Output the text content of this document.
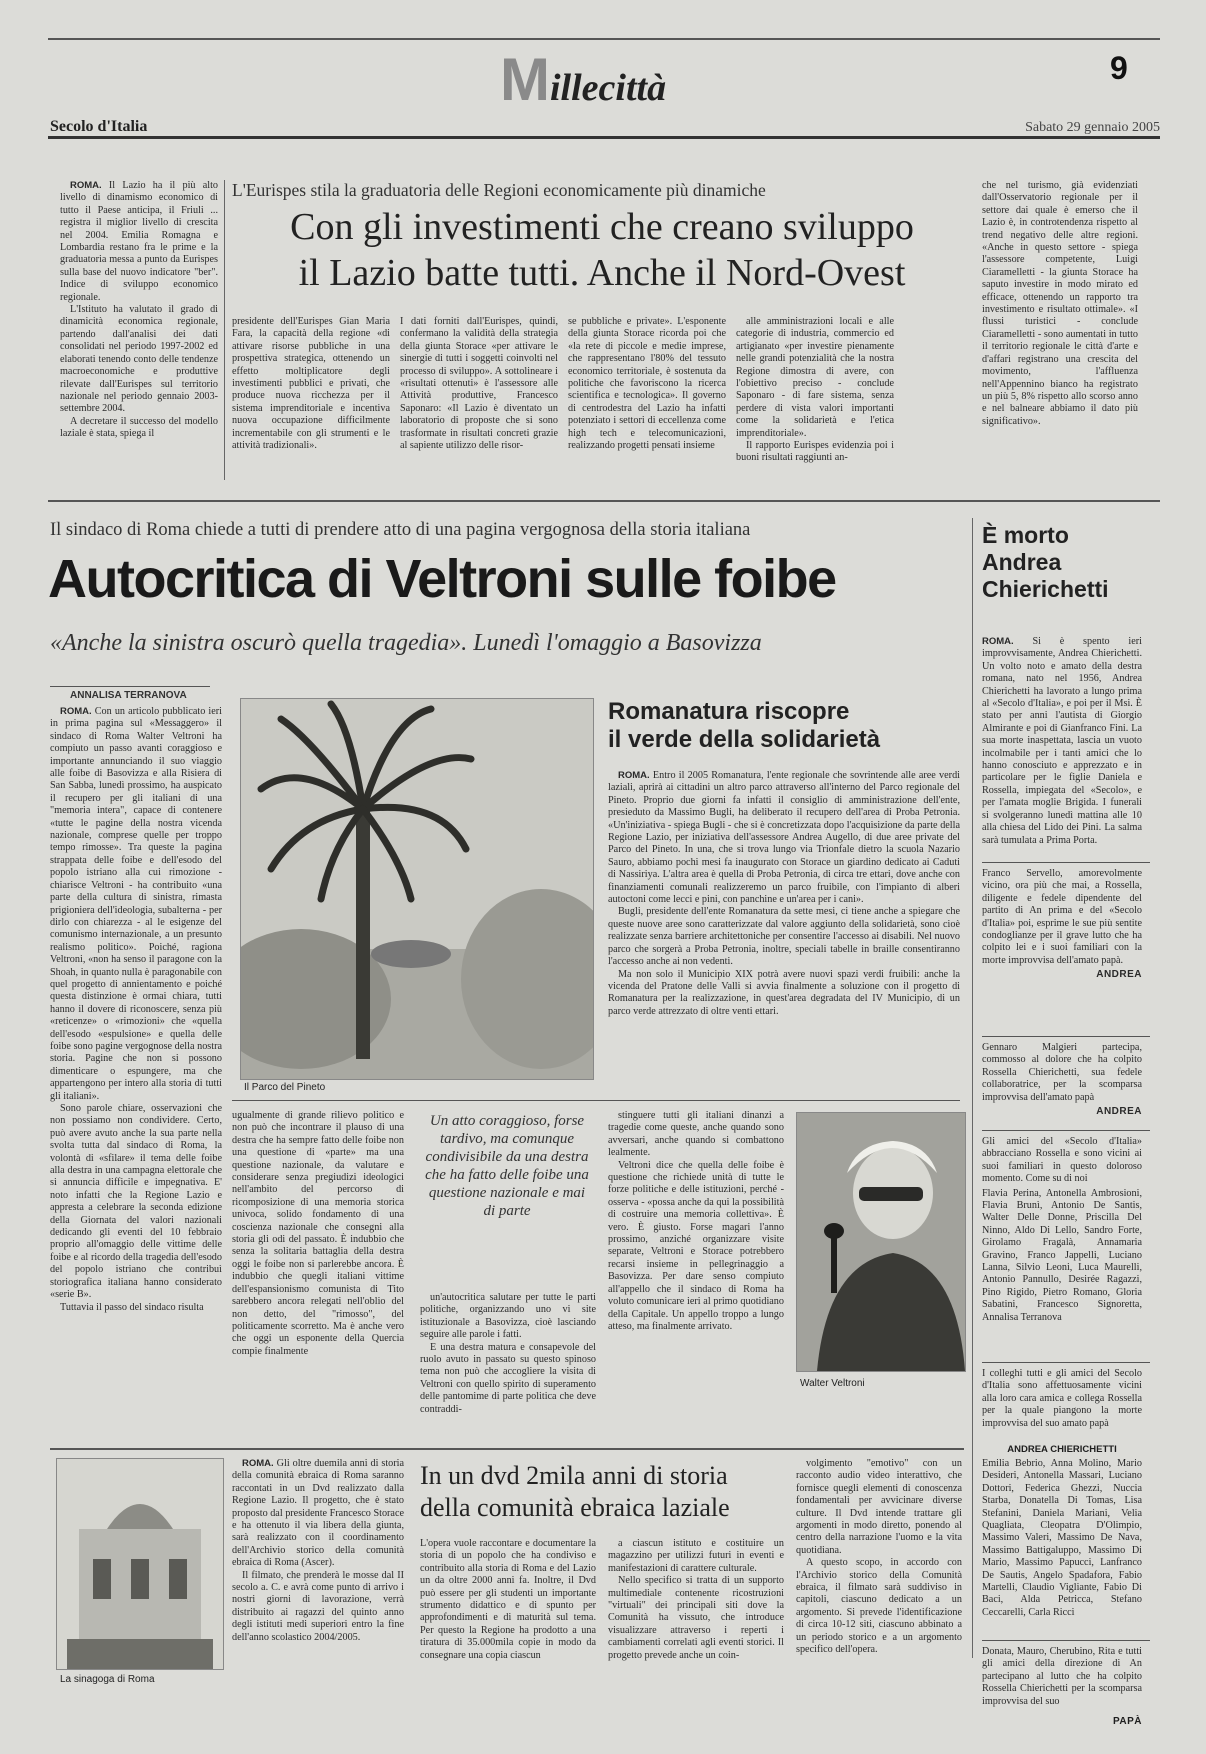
Millecittà	9
Secolo d'Italia	Sabato 29 gennaio 2005

ROMA. Il Lazio ha il più alto livello di dinamismo economico di tutto il Paese anticipa, il Friuli ... registra il miglior livello di crescita nel 2004. Emilia Romagna e Lombardia restano fra le prime e la graduatoria messa a punto da Eurispes sulla base del nuovo indicatore "ber". Indice di sviluppo economico regionale.

L'Istituto ha valutato il grado di dinamicità economica regionale, partendo dall'analisi dei dati consolidati nel periodo 1997-2002 ed elaborati tenendo conto delle tendenze macroeconomiche e produttive rilevate dall'Eurispes sul territorio nazionale nel periodo gennaio 2003-settembre 2004.

A decretare il successo del modello laziale è stata, spiega il

L'Eurispes stila la graduatoria delle Regioni economicamente più dinamiche
Con gli investimenti che creano sviluppo
il Lazio batte tutti. Anche il Nord-Ovest
presidente dell'Eurispes Gian Maria Fara, la capacità della regione «di attivare risorse pubbliche in una prospettiva strategica, ottenendo un effetto moltiplicatore degli investimenti pubblici e privati, che produce nuova ricchezza per il sistema imprenditoriale e incentiva nuova occupazione difficilmente incrementabile con gli strumenti e le attività tradizionali».
I dati forniti dall'Eurispes, quindi, confermano la validità della strategia della giunta Storace «per attivare le sinergie di tutti i soggetti coinvolti nel processo di sviluppo». A sottolineare i «risultati ottenuti» è l'assessore alle Attività produttive, Francesco Saponaro: «Il Lazio è diventato un laboratorio di proposte che si sono trasformate in risultati concreti grazie al sapiente utilizzo delle risor-
se pubbliche e private». L'esponente della giunta Storace ricorda poi che «la rete di piccole e medie imprese, che rappresentano l'80% del tessuto economico territoriale, è sostenuta da politiche che favoriscono la ricerca scientifica e tecnologica». Il governo di centrodestra del Lazio ha infatti potenziato i settori di eccellenza come high tech e telecomunicazioni, realizzando progetti pensati insieme

alle amministrazioni locali e alle categorie di industria, commercio ed artigianato «per investire pienamente nelle grandi potenzialità che la nostra Regione dimostra di avere, con l'obiettivo preciso - conclude Saponaro - di fare sistema, senza perdere di vista valori importanti come la solidarietà e l'etica imprenditoriale».

Il rapporto Eurispes evidenzia poi i buoni risultati raggiunti an-

che nel turismo, già evidenziati dall'Osservatorio regionale per il settore dai quale è emerso che il Lazio è, in controtendenza rispetto al trend negativo delle altre regioni. «Anche in questo settore - spiega l'assessore competente, Luigi Ciaramelletti - la giunta Storace ha saputo investire in modo mirato ed efficace, ottenendo un rapporto tra investimento e risultato ottimale». «I flussi turistici - conclude Ciaramelletti - sono aumentati in tutto il territorio regionale le città d'arte e d'affari registrano una crescita del movimento, l'affluenza nell'Appennino bianco ha registrato un più 5, 8% rispetto allo scorso anno e nel balneare abbiamo il dato più significativo».
Il sindaco di Roma chiede a tutti di prendere atto di una pagina vergognosa della storia italiana
Autocritica di Veltroni sulle foibe
«Anche la sinistra oscurò quella tragedia». Lunedì l'omaggio a Basovizza
ANNALISA TERRANOVA

ROMA. Con un articolo pubblicato ieri in prima pagina sul «Messaggero» il sindaco di Roma Walter Veltroni ha compiuto un passo avanti coraggioso e importante annunciando il suo viaggio alle foibe di Basovizza e alla Risiera di San Sabba, lunedì prossimo, ha auspicato il recupero per gli italiani di una "memoria intera", capace di contenere «tutte le pagine della nostra vicenda nazionale, comprese quelle per troppo tempo rimosse». Tra queste la pagina strappata delle foibe e dell'esodo del popolo istriano alla cui rimozione - chiarisce Veltroni - ha contribuito «una parte della cultura di sinistra, rimasta prigioniera dell'ideologia, subalterna - per dirlo con chiarezza - al le esigenze del comunismo internazionale, a un presunto realismo politico». Poiché, ragiona Veltroni, «non ha senso il paragone con la Shoah, in quanto nulla è paragonabile con quel progetto di annientamento e poiché questa distinzione è ormai chiara, tutti hanno il dovere di riconoscere, senza più «reticenze» o «rimozioni» che «quella dell'esodo «espulsione» e quella delle foibe sono pagine vergognose della nostra storia. Pagine che non si possono dimenticare o espungere, ma che appartengono per intero alla storia di tutti gli italiani».

Sono parole chiare, osservazioni che non possiamo non condividere. Certo, può avere avuto anche la sua parte nella svolta tutta dal sindaco di Roma, la volontà di «sfilare» il tema delle foibe alla destra in una campagna elettorale che si annuncia difficile e impegnativa. E' noto infatti che la Regione Lazio e appresta a celebrare la seconda edizione della Giornata del valori nazionali dedicando gli eventi del 10 febbraio proprio all'omaggio delle vittime delle foibe e al ricordo della tragedia dell'esodo del popolo istriano che contribuì storiografica italiana hanno considerato «serie B».

Tuttavia il passo del sindaco risulta

Il Parco del Pineto
Romanatura riscopre
il verde della solidarietà

ROMA. Entro il 2005 Romanatura, l'ente regionale che sovrintende alle aree verdi laziali, aprirà ai cittadini un altro parco attraverso all'interno del Parco regionale del Pineto. Proprio due giorni fa infatti il consiglio di amministrazione dell'ente, presieduto da Massimo Bugli, ha deliberato il recupero dell'area di Proba Petronia. «Un'iniziativa - spiega Bugli - che si è concretizzata dopo l'acquisizione da parte della Regione Lazio, per iniziativa dell'assessore Andrea Augello, di due aree private del Parco del Pineto. In una, che si trova lungo via Trionfale dietro la scuola Nazario Sauro, abbiamo pochi mesi fa inaugurato con Storace un giardino dedicato ai Caduti di Nassiriya. L'altra area è quella di Proba Petronia, di circa tre ettari, dove anche con finanziamenti comunali realizzeremo un parco fruibile, con l'impianto di alberi autoctoni come lecci e pini, con panchine e un'area per i cani».

Bugli, presidente dell'ente Romanatura da sette mesi, ci tiene anche a spiegare che queste nuove aree sono caratterizzate dal valore aggiunto della solidarietà, sono cioè realizzate senza barriere architettoniche per consentire l'accesso ai disabili. Nel nuovo parco che sorgerà a Proba Petronia, inoltre, speciali tabelle in braille consentiranno l'accesso anche ai non vedenti.

Ma non solo il Municipio XIX potrà avere nuovi spazi verdi fruibili: anche la vicenda del Pratone delle Valli si avvia finalmente a soluzione con il progetto di Romanatura per la realizzazione, in quest'area degradata del IV Municipio, di un parco verde attrezzato di oltre venti ettari.

ugualmente di grande rilievo politico e non può che incontrare il plauso di una destra che ha sempre fatto delle foibe non una questione di «parte» ma una questione nazionale, da valutare e considerare senza pregiudizi ideologici nell'ambito del percorso di ricomposizione di una memoria storica univoca, solido fondamento di una coscienza nazionale che consegni alla storia gli odi del passato. È indubbio che senza la solitaria battaglia della destra oggi le foibe non si parlerebbe ancora. È indubbio che quegli italiani vittime dell'espansionismo comunista di Tito sarebbero ancora relegati nell'oblio del non detto, del "rimosso", del politicamente scorretto. Ma è anche vero che oggi un esponente della Quercia compie finalmente
Un atto coraggioso, forse tardivo, ma comunque condivisibile da una destra che ha fatto delle foibe una questione nazionale e mai di parte

un'autocritica salutare per tutte le parti politiche, organizzando uno vi site istituzionale a Basovizza, cioè lasciando seguire alle parole i fatti.

E una destra matura e consapevole del ruolo avuto in passato su questo spinoso tema non può che accogliere la visita di Veltroni con quello spirito di superamento delle pantomime di parte politica che deve contraddi-

stinguere tutti gli italiani dinanzi a tragedie come queste, anche quando sono avversari, anche quando si combattono lealmente.

Veltroni dice che quella delle foibe è questione che richiede unità di tutte le forze politiche e delle istituzioni, perché - osserva - «possa anche da qui la possibilità di costruire una memoria collettiva». È vero. È giusto. Forse magari l'anno prossimo, anziché organizzare visite separate, Veltroni e Storace potrebbero recarsi insieme in pellegrinaggio a Basovizza. Per dare senso compiuto all'appello che il sindaco di Roma ha voluto comunicare ieri al primo quotidiano della Capitale. Un appello troppo a lungo atteso, ma finalmente arrivato.

Walter Veltroni
La sinagoga di Roma

ROMA. Gli oltre duemila anni di storia della comunità ebraica di Roma saranno raccontati in un Dvd realizzato dalla Regione Lazio. Il progetto, che è stato proposto dal presidente Francesco Storace e ha ottenuto il via libera della giunta, sarà realizzato con il coordinamento dell'Archivio storico della comunità ebraica di Roma (Ascer).

Il filmato, che prenderà le mosse dal II secolo a. C. e avrà come punto di arrivo i nostri giorni di lavorazione, verrà distribuito ai ragazzi del quinto anno degli istituti medi superiori entro la fine dell'anno scolastico 2004/2005.

In un dvd 2mila anni di storia
della comunità ebraica laziale
L'opera vuole raccontare e documentare la storia di un popolo che ha condiviso e contribuito alla storia di Roma e del Lazio un da oltre 2000 anni fa. Inoltre, il Dvd può essere per gli studenti un importante strumento didattico e di spunto per approfondimenti e di maturità sul tema. Per questo la Regione ha prodotto a una tiratura di 35.000mila copie in modo da consegnare una copia ciascun

a ciascun istituto e costituire un magazzino per utilizzi futuri in eventi e manifestazioni di carattere culturale.

Nello specifico si tratta di un supporto multimediale contenente ricostruzioni "virtuali" dei principali siti dove la Comunità ha vissuto, che introduce visualizzare attraverso i reperti i cambiamenti correlati agli eventi storici. Il progetto prevede anche un coin-

volgimento "emotivo" con un racconto audio video interattivo, che fornisce quegli elementi di conoscenza fondamentali per avvicinare diverse culture. Il Dvd intende trattare gli argomenti in modo diretto, ponendo al centro della narrazione l'uomo e la vita quotidiana.

A questo scopo, in accordo con l'Archivio storico della Comunità ebraica, il filmato sarà suddiviso in capitoli, ciascuno dedicato a un argomento. Si prevede l'identificazione di circa 10-12 siti, ciascuno abbinato a un periodo storico e a un argomento specifico dell'opera.

È morto
Andrea
Chierichetti

ROMA. Si è spento ieri improvvisamente, Andrea Chierichetti. Un volto noto e amato della destra romana, nato nel 1956, Andrea Chierichetti ha lavorato a lungo prima al «Secolo d'Italia», e poi per il Msi. È stato per anni l'autista di Giorgio Almirante e poi di Gianfranco Fini. La sua morte inaspettata, lascia un vuoto incolmabile per i tanti amici che lo hanno conosciuto e apprezzato e in particolare per le figlie Daniela e Rossella, impiegata del «Secolo», e per l'amata moglie Brigida. I funerali si svolgeranno lunedì mattina alle 10 alla chiesa del Lido dei Pini. La salma sarà tumulata a Prima Porta.

Franco Servello, amorevolmente vicino, ora più che mai, a Rossella, diligente e fedele dipendente del partito di An prima e del «Secolo d'Italia» poi, esprime le sue più sentite condoglianze per il grave lutto che ha colpito lei e i suoi familiari con la morte improvvisa dell'amato papà.

ANDREA

Gennaro Malgieri partecipa, commosso al dolore che ha colpito Rossella Chierichetti, sua fedele collaboratrice, per la scomparsa improvvisa dell'amato papà

ANDREA

Gli amici del «Secolo d'Italia» abbracciano Rossella e sono vicini ai suoi familiari in questo doloroso momento. Come su di noi

Flavia Perina, Antonella Ambrosioni, Flavia Brunì, Antonio De Santis, Walter Delle Donne, Priscilla Del Ninno, Aldo Di Lello, Sandro Forte, Girolamo Fragalà, Annamaria Gravino, Franco Jappelli, Luciano Lanna, Silvio Leoni, Luca Maurelli, Antonio Pannullo, Desirée Ragazzi, Pino Rigido, Pietro Romano, Gloria Sabatini, Francesco Signoretta, Annalisa Terranova

I colleghi tutti e gli amici del Secolo d'Italia sono affettuosamente vicini alla loro cara amica e collega Rossella per la quale piangono la morte improvvisa del suo amato papà

ANDREA CHIERICHETTI

Emilia Bebrio, Anna Molino, Mario Desideri, Antonella Massari, Luciano Dottori, Federica Ghezzi, Nuccia Starba, Donatella Di Tomas, Lisa Stefanini, Daniela Mariani, Velia Quagliata, Cleopatra D'Olimpio, Massimo Valeri, Massimo De Nava, Massimo Battigaluppo, Massimo Di Mario, Massimo Papucci, Lanfranco De Sautis, Angelo Spadafora, Fabio Martelli, Claudio Vigliante, Fabio Di Baci, Alda Petricca, Stefano Ceccarelli, Carla Ricci

Donata, Mauro, Cherubino, Rita e tutti gli amici della direzione di An partecipano al lutto che ha colpito Rossella Chierichetti per la scomparsa improvvisa del suo

PAPÀ
